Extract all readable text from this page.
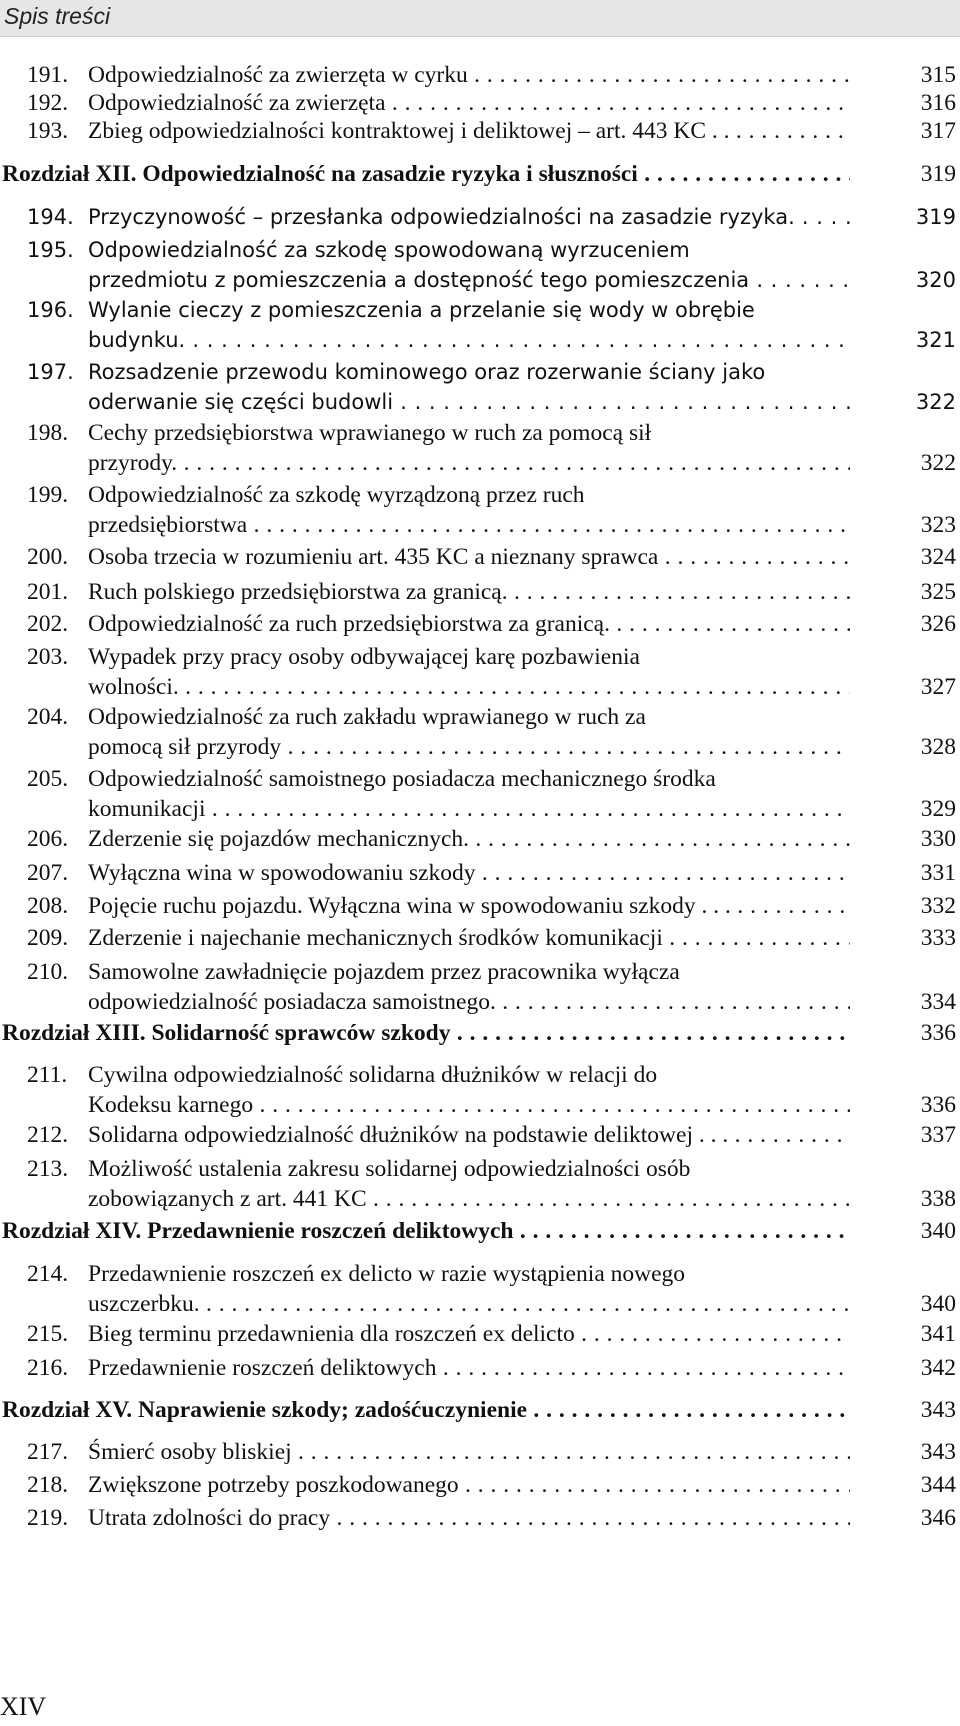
Spis treści
191. Odpowiedzialność za zwierzęta w cyrku . . .	315
192. Odpowiedzialność za zwierzęta . . .	316
193. Zbieg odpowiedzialności kontraktowej i deliktowej – art. 443 KC . . . . .	317
Rozdział XII. Odpowiedzialność na zasadzie ryzyka i słuszności . . .	319
194. Przyczynowość – przesłanka odpowiedzialności na zasadzie ryzyka. . . .	319
195. Odpowiedzialność za szkodę spowodowaną wyrzuceniem
przedmiotu z pomieszczenia a dostępność tego pomieszczenia . . .	320
196. Wylanie cieczy z pomieszczenia a przelanie się wody w obrębie
budynku. . . .	321
197. Rozsadzenie przewodu kominowego oraz rozerwanie ściany jako
oderwanie się części budowli . . .	322
198. Cechy przedsiębiorstwa wprawianego w ruch za pomocą sił
przyrody. . . .	322
199. Odpowiedzialność za szkodę wyrządzoną przez ruch
przedsiębiorstwa . . .	323
200. Osoba trzecia w rozumieniu art. 435 KC a nieznany sprawca . . .	324
201. Ruch polskiego przedsiębiorstwa za granicą. . . .	325
202. Odpowiedzialność za ruch przedsiębiorstwa za granicą. . . .	326
203. Wypadek przy pracy osoby odbywającej karę pozbawienia
wolności. . . .	327
204. Odpowiedzialność za ruch zakładu wprawianego w ruch za
pomocą sił przyrody . . .	328
205. Odpowiedzialność samoistnego posiadacza mechanicznego środka
komunikacji . . .	329
206. Zderzenie się pojazdów mechanicznych. . . .	330
207. Wyłączna wina w spowodowaniu szkody . . .	331
208. Pojęcie ruchu pojazdu. Wyłączna wina w spowodowaniu szkody . . . . . .	332
209. Zderzenie i najechanie mechanicznych środków komunikacji . . .	333
210. Samowolne zawładnięcie pojazdem przez pracownika wyłącza
odpowiedzialność posiadacza samoistnego. . . .	334
Rozdział XIII. Solidarność sprawców szkody . . .	336
211. Cywilna odpowiedzialność solidarna dłużników w relacji do
Kodeksu karnego . . .	336
212. Solidarna odpowiedzialność dłużników na podstawie deliktowej . . . . . .	337
213. Możliwość ustalenia zakresu solidarnej odpowiedzialności osób
zobowiązanych z art. 441 KC . . .	338
Rozdział XIV. Przedawnienie roszczeń deliktowych . . .	340
214. Przedawnienie roszczeń ex delicto w razie wystąpienia nowego
uszczerbku. . . .	340
215. Bieg terminu przedawnienia dla roszczeń ex delicto . . .	341
216. Przedawnienie roszczeń deliktowych . . .	342
Rozdział XV. Naprawienie szkody; zadośćuczynienie . . .	343
217. Śmierć osoby bliskiej . . .	343
218. Zwiększone potrzeby poszkodowanego . . .	344
219. Utrata zdolności do pracy . . .	346
XIV
